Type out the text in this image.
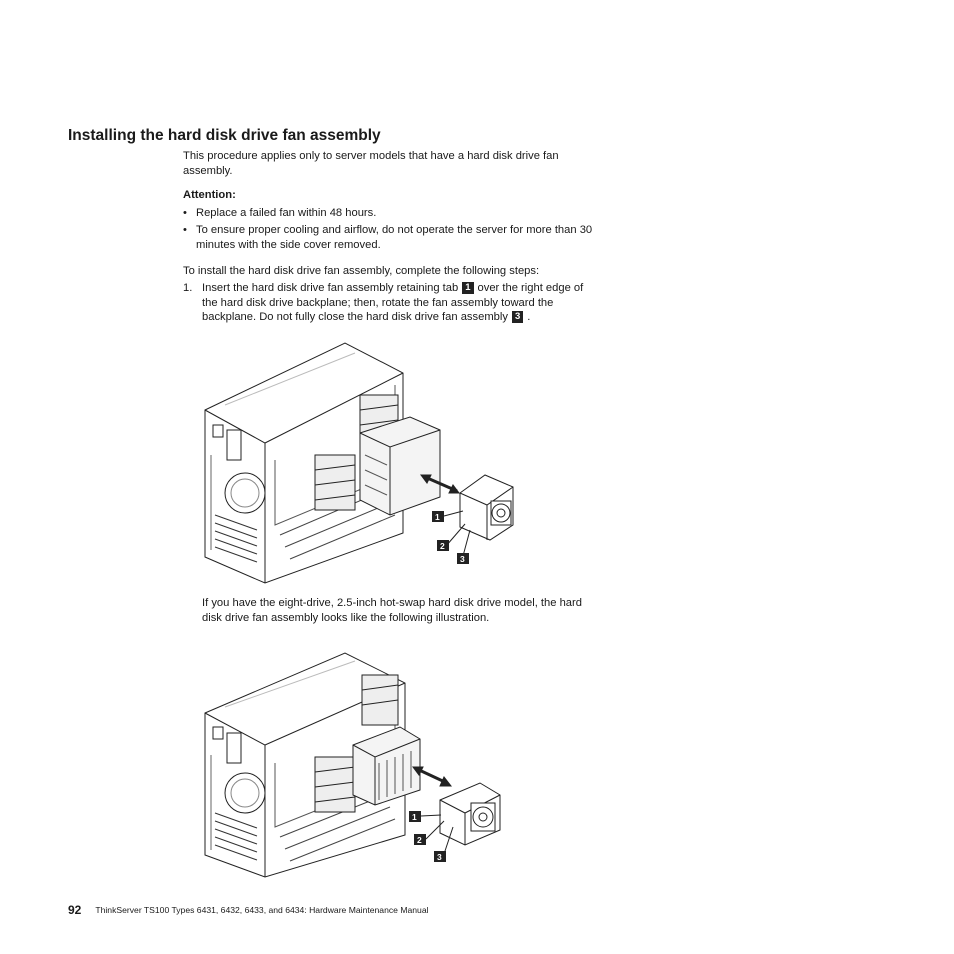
Installing the hard disk drive fan assembly
This procedure applies only to server models that have a hard disk drive fan
assembly.
Attention:
• Replace a failed fan within 48 hours.
• To ensure proper cooling and airflow, do not operate the server for more than 30
minutes with the side cover removed.
To install the hard disk drive fan assembly, complete the following steps:
1. Insert the hard disk drive fan assembly retaining tab 1 over the right edge of
the hard disk drive backplane; then, rotate the fan assembly toward the
backplane. Do not fully close the hard disk drive fan assembly 3 .
1
2
3
If you have the eight-drive, 2.5-inch hot-swap hard disk drive model, the hard
disk drive fan assembly looks like the following illustration.
1
2
3
92 ThinkServer TS100 Types 6431, 6432, 6433, and 6434: Hardware Maintenance Manual
